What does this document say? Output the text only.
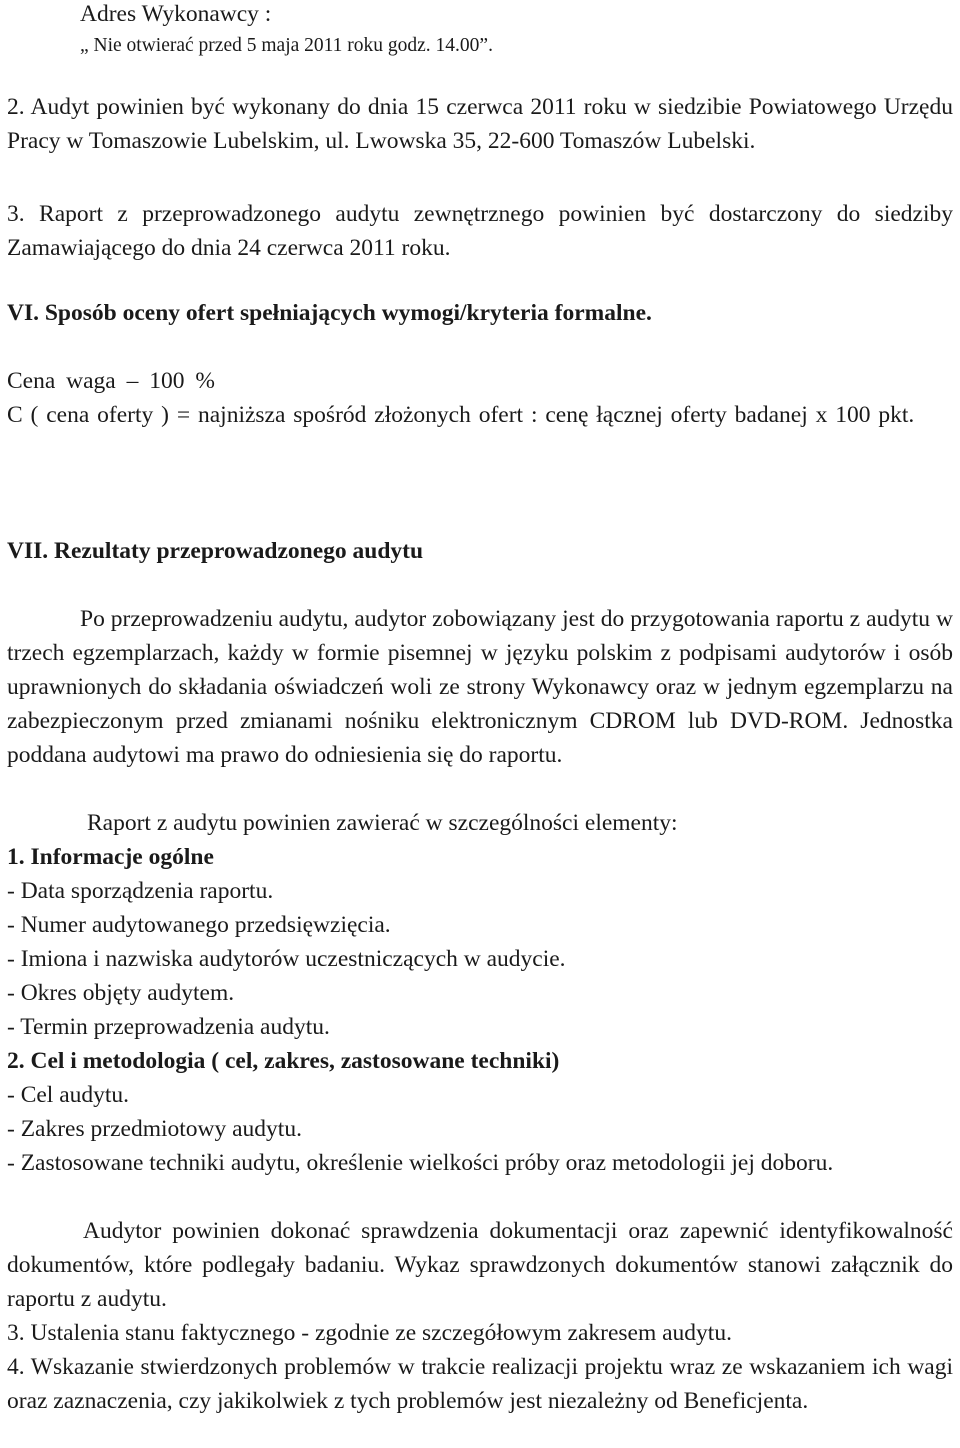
Adres Wykonawcy :

„ Nie otwierać przed 5 maja 2011 roku godz. 14.00”.

2. Audyt powinien być wykonany do dnia 15 czerwca 2011 roku w siedzibie Powiatowego Urzędu Pracy w Tomaszowie Lubelskim, ul. Lwowska 35, 22-600 Tomaszów Lubelski.

3. Raport z przeprowadzonego audytu zewnętrznego powinien być dostarczony do siedziby Zamawiającego do dnia 24 czerwca 2011 roku.

VI. Sposób oceny ofert spełniających wymogi/kryteria formalne.

Cena waga – 100 %

C ( cena oferty ) = najniższa spośród złożonych ofert : cenę łącznej oferty badanej x 100 pkt.

VII. Rezultaty przeprowadzonego audytu

Po przeprowadzeniu audytu, audytor zobowiązany jest do przygotowania raportu z audytu w trzech egzemplarzach, każdy w formie pisemnej w języku polskim z podpisami audytorów i osób uprawnionych do składania oświadczeń woli ze strony Wykonawcy oraz w jednym egzemplarzu na zabezpieczonym przed zmianami nośniku elektronicznym CDROM lub DVD-ROM. Jednostka poddana audytowi ma prawo do odniesienia się do raportu.

Raport z audytu powinien zawierać w szczególności elementy:

1. Informacje ogólne

- Data sporządzenia raportu.
- Numer audytowanego przedsięwzięcia.
- Imiona i nazwiska audytorów uczestniczących w audycie.
- Okres objęty audytem.
- Termin przeprowadzenia audytu.

2. Cel i metodologia ( cel, zakres, zastosowane techniki)

- Cel audytu.
- Zakres przedmiotowy audytu.
- Zastosowane techniki audytu, określenie wielkości próby oraz metodologii jej doboru.

Audytor powinien dokonać sprawdzenia dokumentacji oraz zapewnić identyfikowalność dokumentów, które podlegały badaniu. Wykaz sprawdzonych dokumentów stanowi załącznik do raportu z audytu.

3. Ustalenia stanu faktycznego - zgodnie ze szczegółowym zakresem audytu.

4. Wskazanie stwierdzonych problemów w trakcie realizacji projektu wraz ze wskazaniem ich wagi oraz zaznaczenia, czy jakikolwiek z tych problemów jest niezależny od Beneficjenta.
